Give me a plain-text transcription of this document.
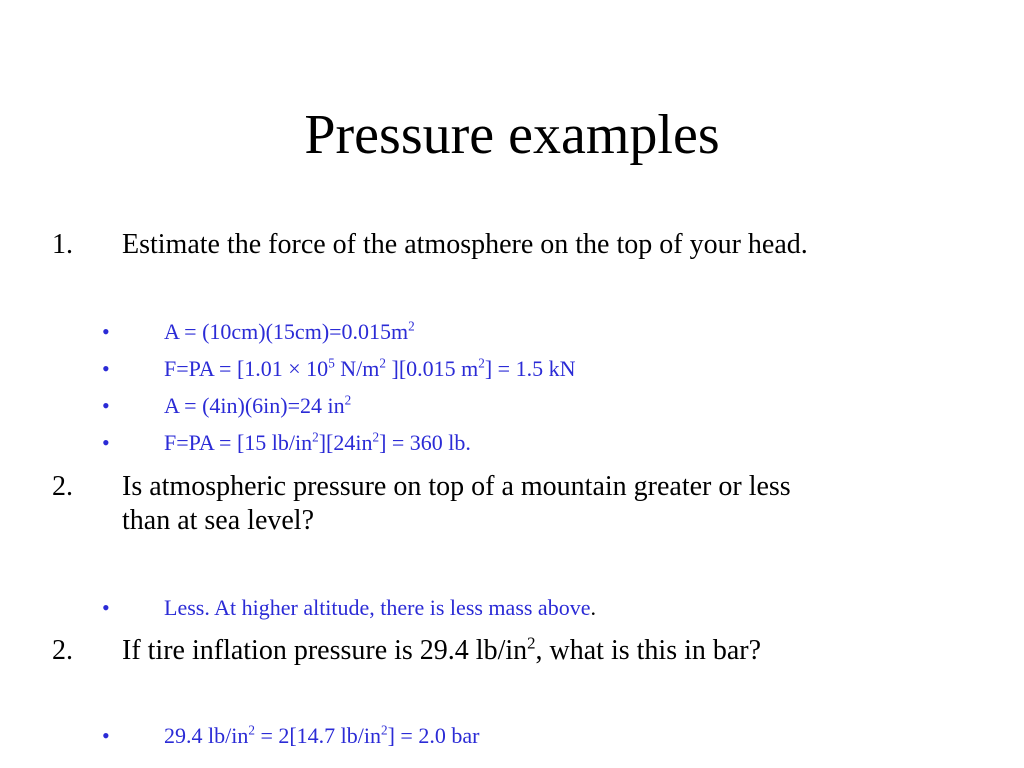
Pressure examples
1. Estimate the force of the atmosphere on the top of your head.
• $A = (10cm)(15cm)=0.015m^2$
• $F=PA = [1.01 \times 10^5$ $N/m^2$ ][0.015 $m^2] = 1.5$ kN
• A = (4in)(6in)=24 $in^2$
• F=PA = [15 $lb/in^2][24in^2] = 360$ lb.
2. Is atmospheric pressure on top of a mountain greater or less
than at sea level?
• Less. At higher altitude, there is less mass above.
2. If tire inflation pressure is 29.4 $lb/in^2$, what is this in bar?
• 29.4 $lb/in^2 = 2[14.7$ $lb/in^2] = 2.0$ bar
